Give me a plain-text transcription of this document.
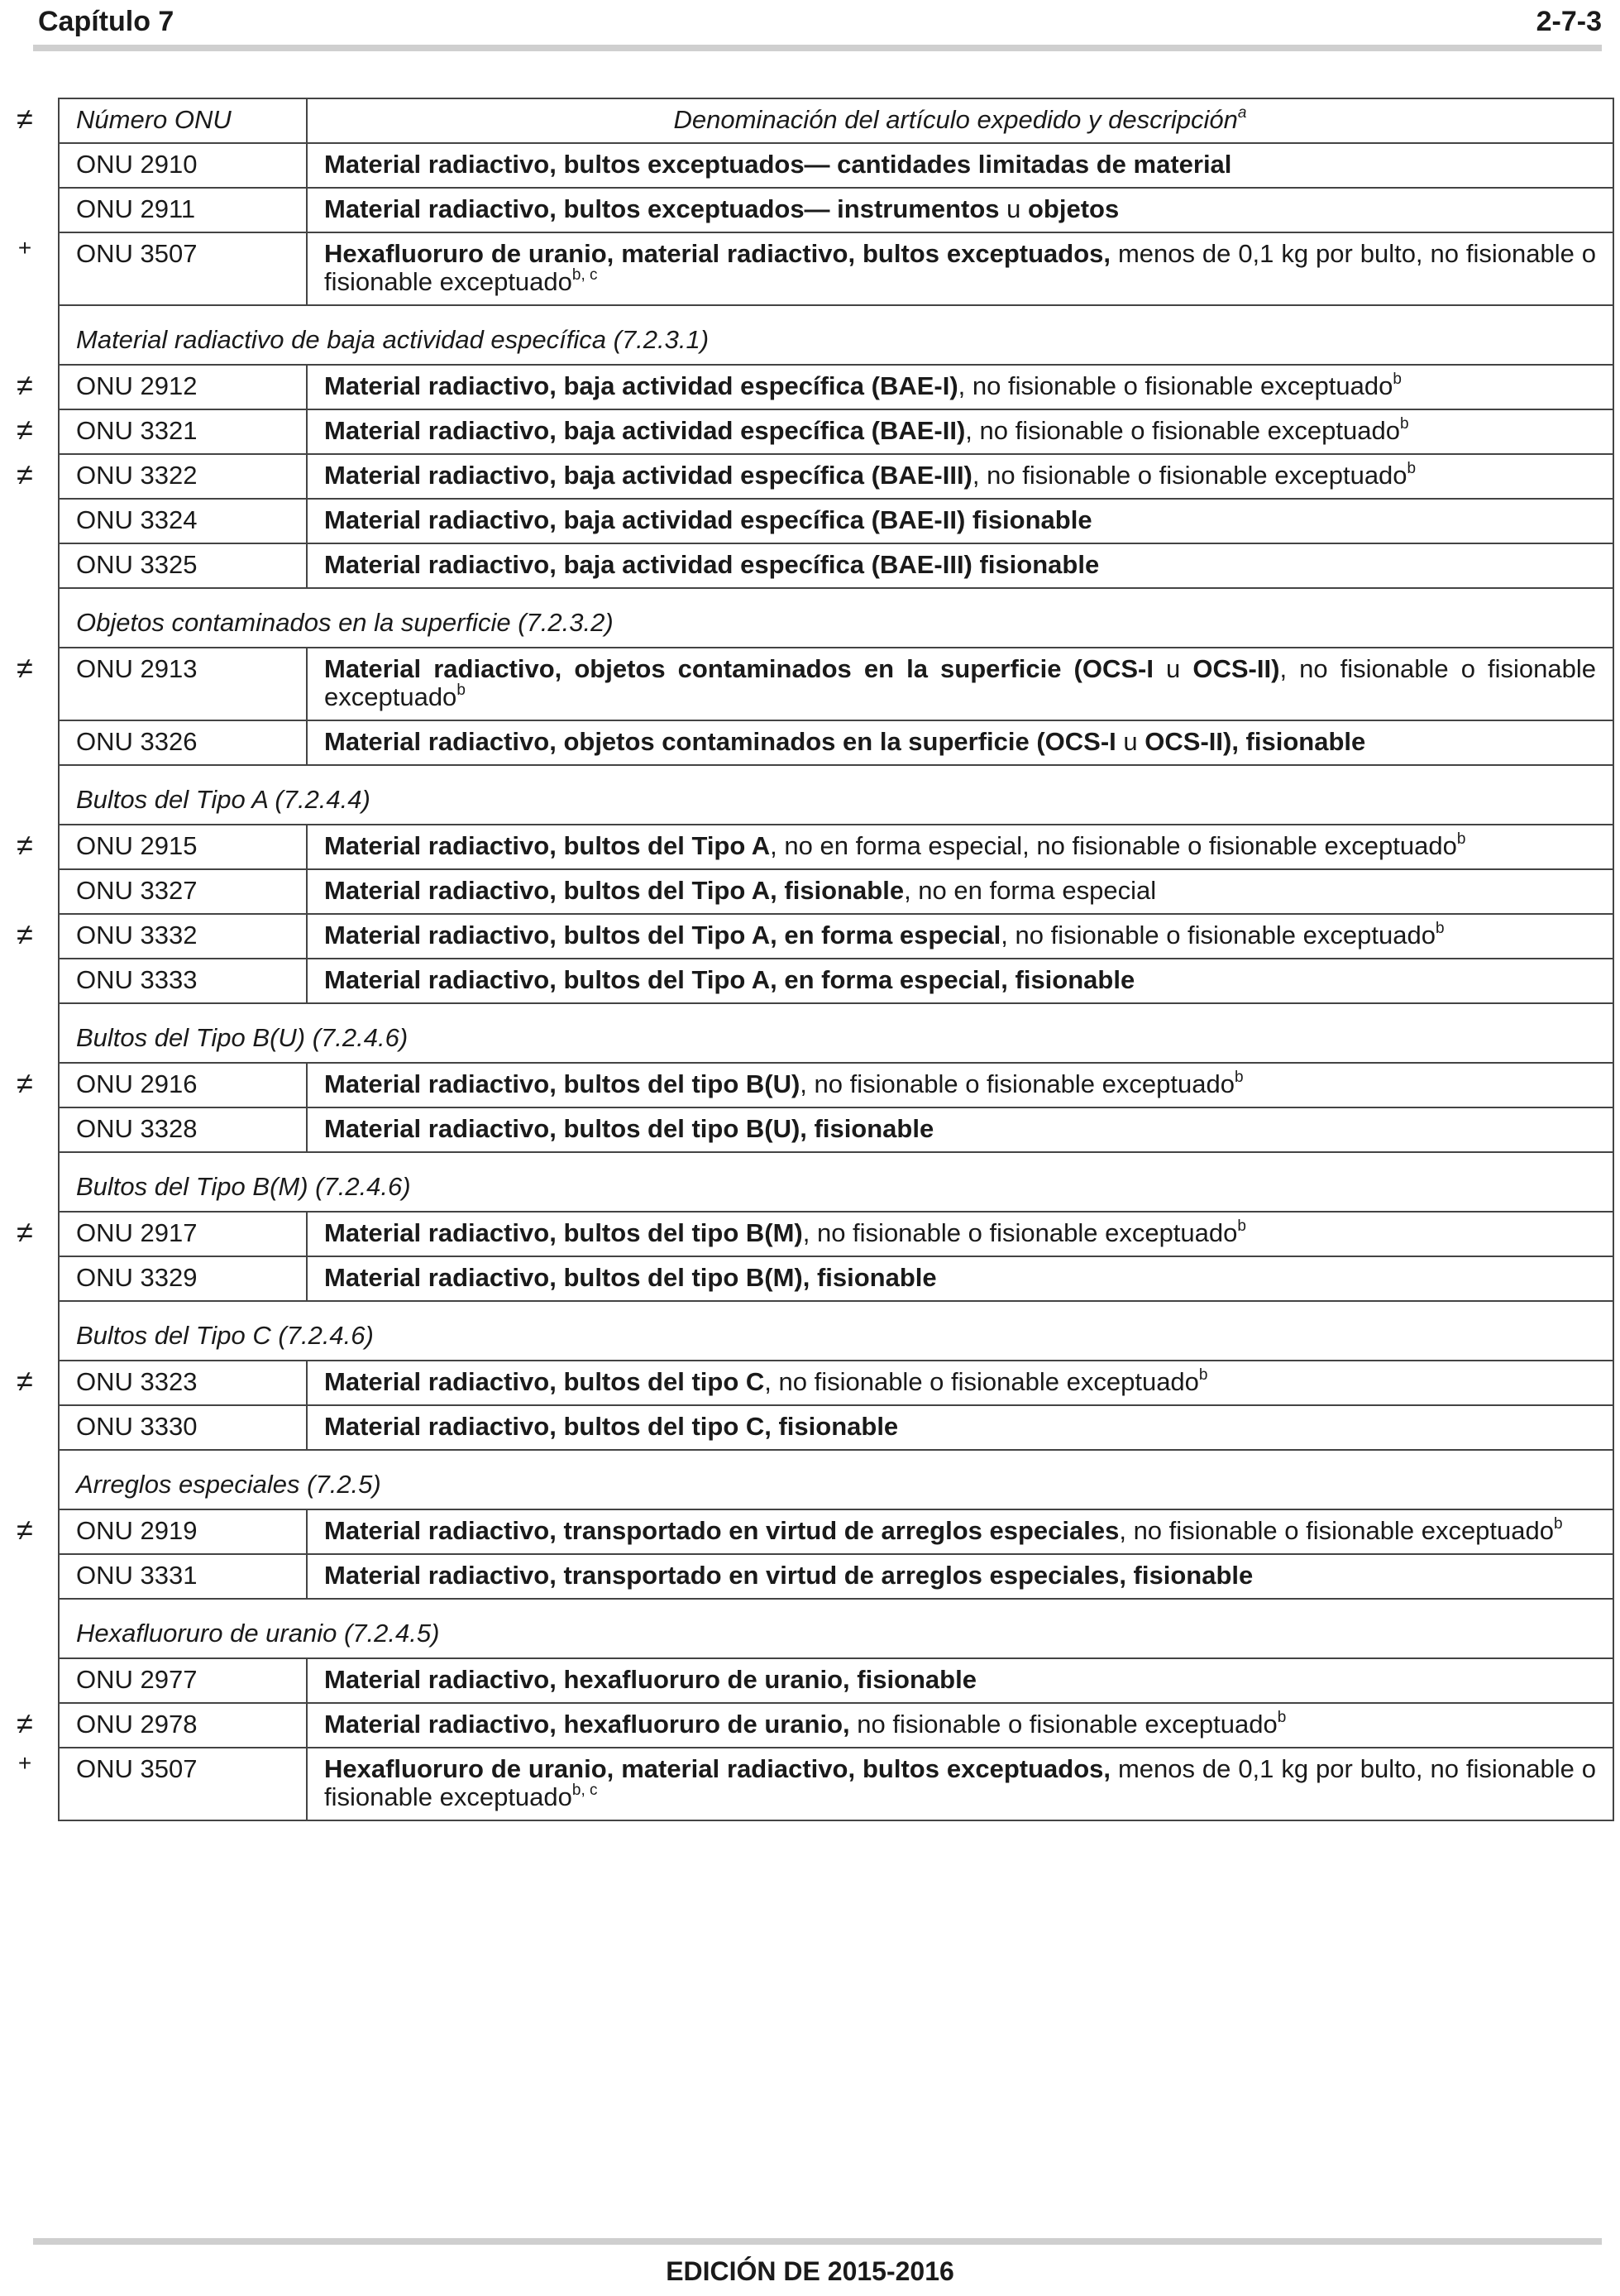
Capítulo 7	2-7-3
≠ Número ONU	Denominación del artículo expedido y descripción$^a$
ONU 2910	Material radiactivo, bultos exceptuados— cantidades limitadas de material
ONU 2911	Material radiactivo, bultos exceptuados— instrumentos u objetos

+ ONU 3507	Hexafluoruro de uranio, material radiactivo, bultos exceptuados, menos de 0,1 kg por bulto, no fisionable o fisionable exceptuado$^{b, c}$
Material radiactivo de baja actividad específica (7.2.3.1)	

≠ ONU 2912	Material radiactivo, baja actividad específica (BAE-I), no fisionable o fisionable exceptuado$^b$

≠ ONU 3321	Material radiactivo, baja actividad específica (BAE-II), no fisionable o fisionable exceptuado$^b$

≠ ONU 3322	Material radiactivo, baja actividad específica (BAE-III), no fisionable o fisionable exceptuado$^b$
ONU 3324	Material radiactivo, baja actividad específica (BAE-II) fisionable
ONU 3325	Material radiactivo, baja actividad específica (BAE-III) fisionable
Objetos contaminados en la superficie (7.2.3.2)	

≠ ONU 2913	Material radiactivo, objetos contaminados en la superficie (OCS-I u OCS-II), no fisionable o fisionable exceptuado$^b$
ONU 3326	Material radiactivo, objetos contaminados en la superficie (OCS-I u OCS-II), fisionable
Bultos del Tipo A (7.2.4.4)	

≠ ONU 2915	Material radiactivo, bultos del Tipo A, no en forma especial, no fisionable o fisionable exceptuado$^b$
ONU 3327	Material radiactivo, bultos del Tipo A, fisionable, no en forma especial

≠ ONU 3332	Material radiactivo, bultos del Tipo A, en forma especial, no fisionable o fisionable exceptuado$^b$
ONU 3333	Material radiactivo, bultos del Tipo A, en forma especial, fisionable
Bultos del Tipo B(U) (7.2.4.6)	

≠ ONU 2916	Material radiactivo, bultos del tipo B(U), no fisionable o fisionable exceptuado$^b$
ONU 3328	Material radiactivo, bultos del tipo B(U), fisionable
Bultos del Tipo B(M) (7.2.4.6)	

≠ ONU 2917	Material radiactivo, bultos del tipo B(M), no fisionable o fisionable exceptuado$^b$
ONU 3329	Material radiactivo, bultos del tipo B(M), fisionable
Bultos del Tipo C (7.2.4.6)	

≠ ONU 3323	Material radiactivo, bultos del tipo C, no fisionable o fisionable exceptuado$^b$
ONU 3330	Material radiactivo, bultos del tipo C, fisionable
Arreglos especiales (7.2.5)	

≠ ONU 2919	Material radiactivo, transportado en virtud de arreglos especiales, no fisionable o fisionable exceptuado$^b$
ONU 3331	Material radiactivo, transportado en virtud de arreglos especiales, fisionable
Hexafluoruro de uranio (7.2.4.5)	
ONU 2977	Material radiactivo, hexafluoruro de uranio, fisionable

≠ ONU 2978	Material radiactivo, hexafluoruro de uranio, no fisionable o fisionable exceptuado$^b$

+ ONU 3507	Hexafluoruro de uranio, material radiactivo, bultos exceptuados, menos de 0,1 kg por bulto, no fisionable o fisionable exceptuado$^{b, c}$
EDICIÓN DE 2015-2016
